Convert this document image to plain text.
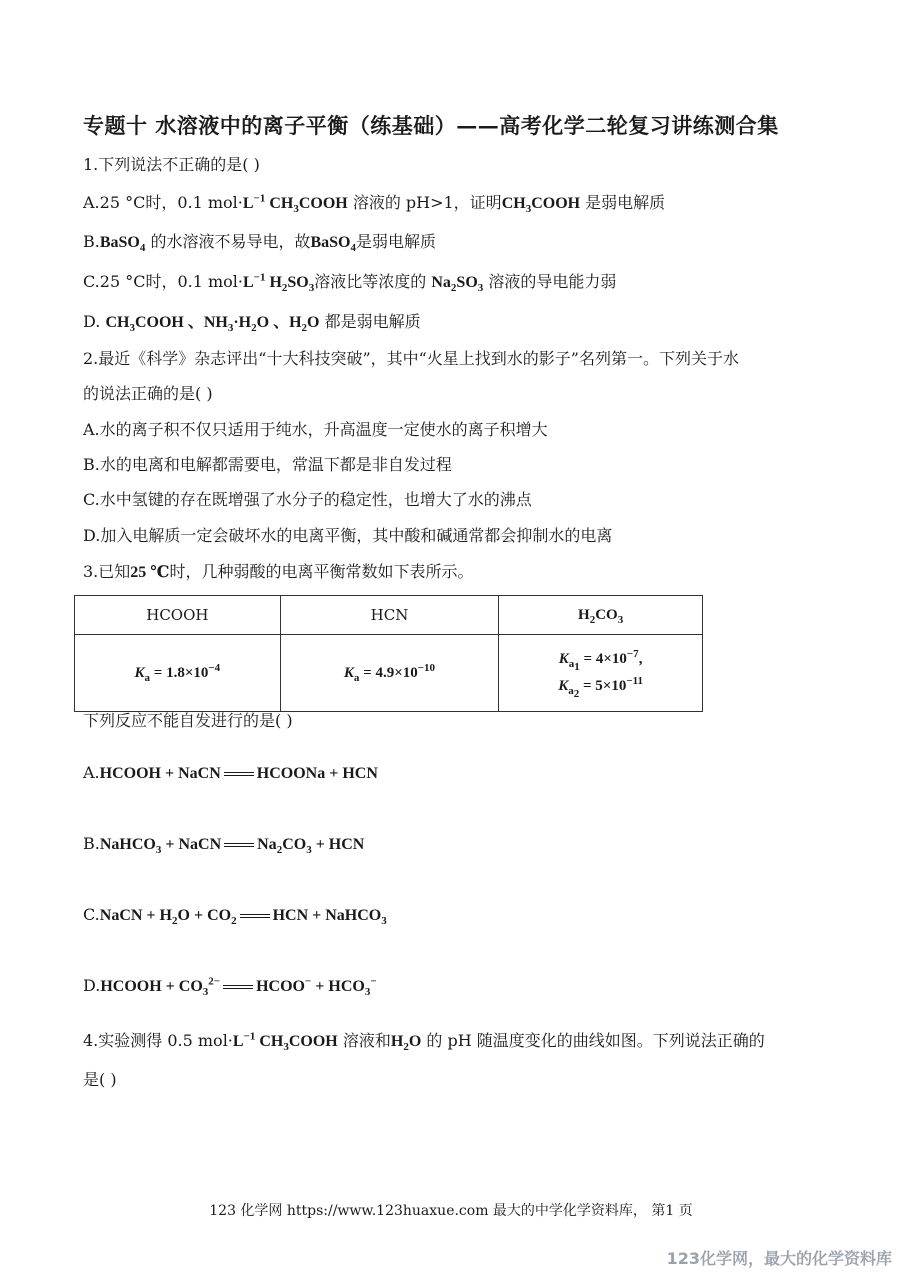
专题十 水溶液中的离子平衡（练基础）——高考化学二轮复习讲练测合集
1.下列说法不正确的是( )
A.25 °C时，0.1 $mol\cdot L^{-1}$ $CH_3COOH$ 溶液的 pH>1，证明$CH_3COOH$ 是弱电解质
B.BaSO$_4$ 的水溶液不易导电，故BaSO$_4$是弱电解质
C.25 °C时，0.1 $mol\cdot L^{-1}$ $H_2SO_3$溶液比等浓度的 $Na_2SO_3$ 溶液的导电能力弱
D. $CH_3COOH$ 、$NH_3\cdot H_2O$ 、$H_2O$ 都是弱电解质
2.最近《科学》杂志评出“十大科技突破”，其中“火星上找到水的影子”名列第一。下列关于水
的说法正确的是( )
A.水的离子积不仅只适用于纯水，升高温度一定使水的离子积增大
B.水的电离和电解都需要电，常温下都是非自发过程
C.水中氢键的存在既增强了水分子的稳定性，也增大了水的沸点
D.加入电解质一定会破坏水的电离平衡，其中酸和碱通常都会抑制水的电离
3.已知25 ℃时，几种弱酸的电离平衡常数如下表所示。
HCOOH	HCN	$H_2CO_3$
$K_a = 1.8\times 10^{-4}$	$K_a = 4.9\times 10^{-10}$	$K_{a_1} = 4\times 10^{-7}$,
$K_{a_2} = 5\times 10^{-11}$
下列反应不能自发进行的是( )
A.HCOOH + NaCN HCOONa + HCN
B.NaHCO$_3$ + NaCN $Na_2CO_3$ + HCN
C.NaCN + $H_2O + CO_2$ HCN + NaHCO$_3$
D.HCOOH + $CO_3^{2-}$ HCOO− + $HCO_3^-$
4.实验测得 0.5 $mol\cdot L^{-1}$ $CH_3COOH$ 溶液和$H_2O$ 的 pH 随温度变化的曲线如图。下列说法正确的
是( )
123 化学网 https://www.123huaxue.com 最大的中学化学资料库， 第1 页
123化学网，最大的化学资料库
